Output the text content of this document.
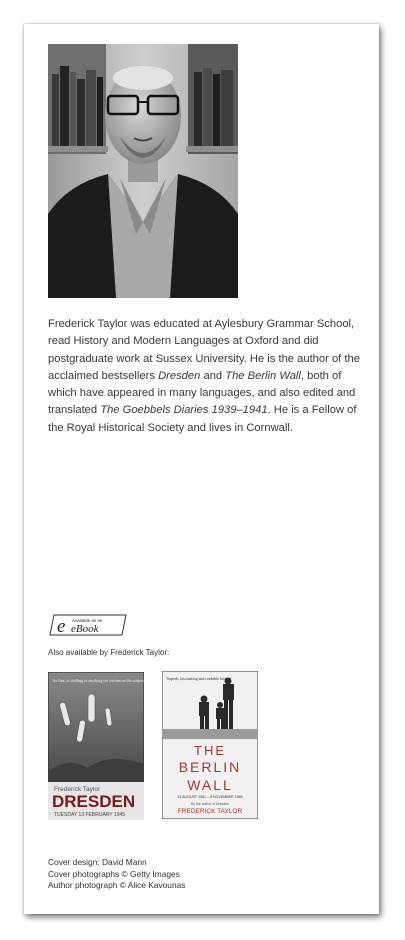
Frederick Taylor was educated at Aylesbury Grammar School, read History and Modern Languages at Oxford and did postgraduate work at Sussex University. He is the author of the acclaimed bestsellers Dresden and The Berlin Wall, both of which have appeared in many languages, and also edited and translated The Goebbels Diaries 1939–1941. He is a Fellow of the Royal Historical Society and lives in Cornwall.

e Available as an
eBook
Also available by Frederick Taylor:
'As fine, as chilling as anything yet written on the subject'
Frederick Taylor
DRESDEN
TUESDAY 13 FEBRUARY 1945
'Superb, fascinating and readable history'
THE
BERLIN
WALL
13 AUGUST 1961 – 9 NOVEMBER 1989
By the author of Dresden
FREDERICK TAYLOR
Cover design: David Mann
Cover photographs © Getty Images
Author photograph © Alice Kavounas
